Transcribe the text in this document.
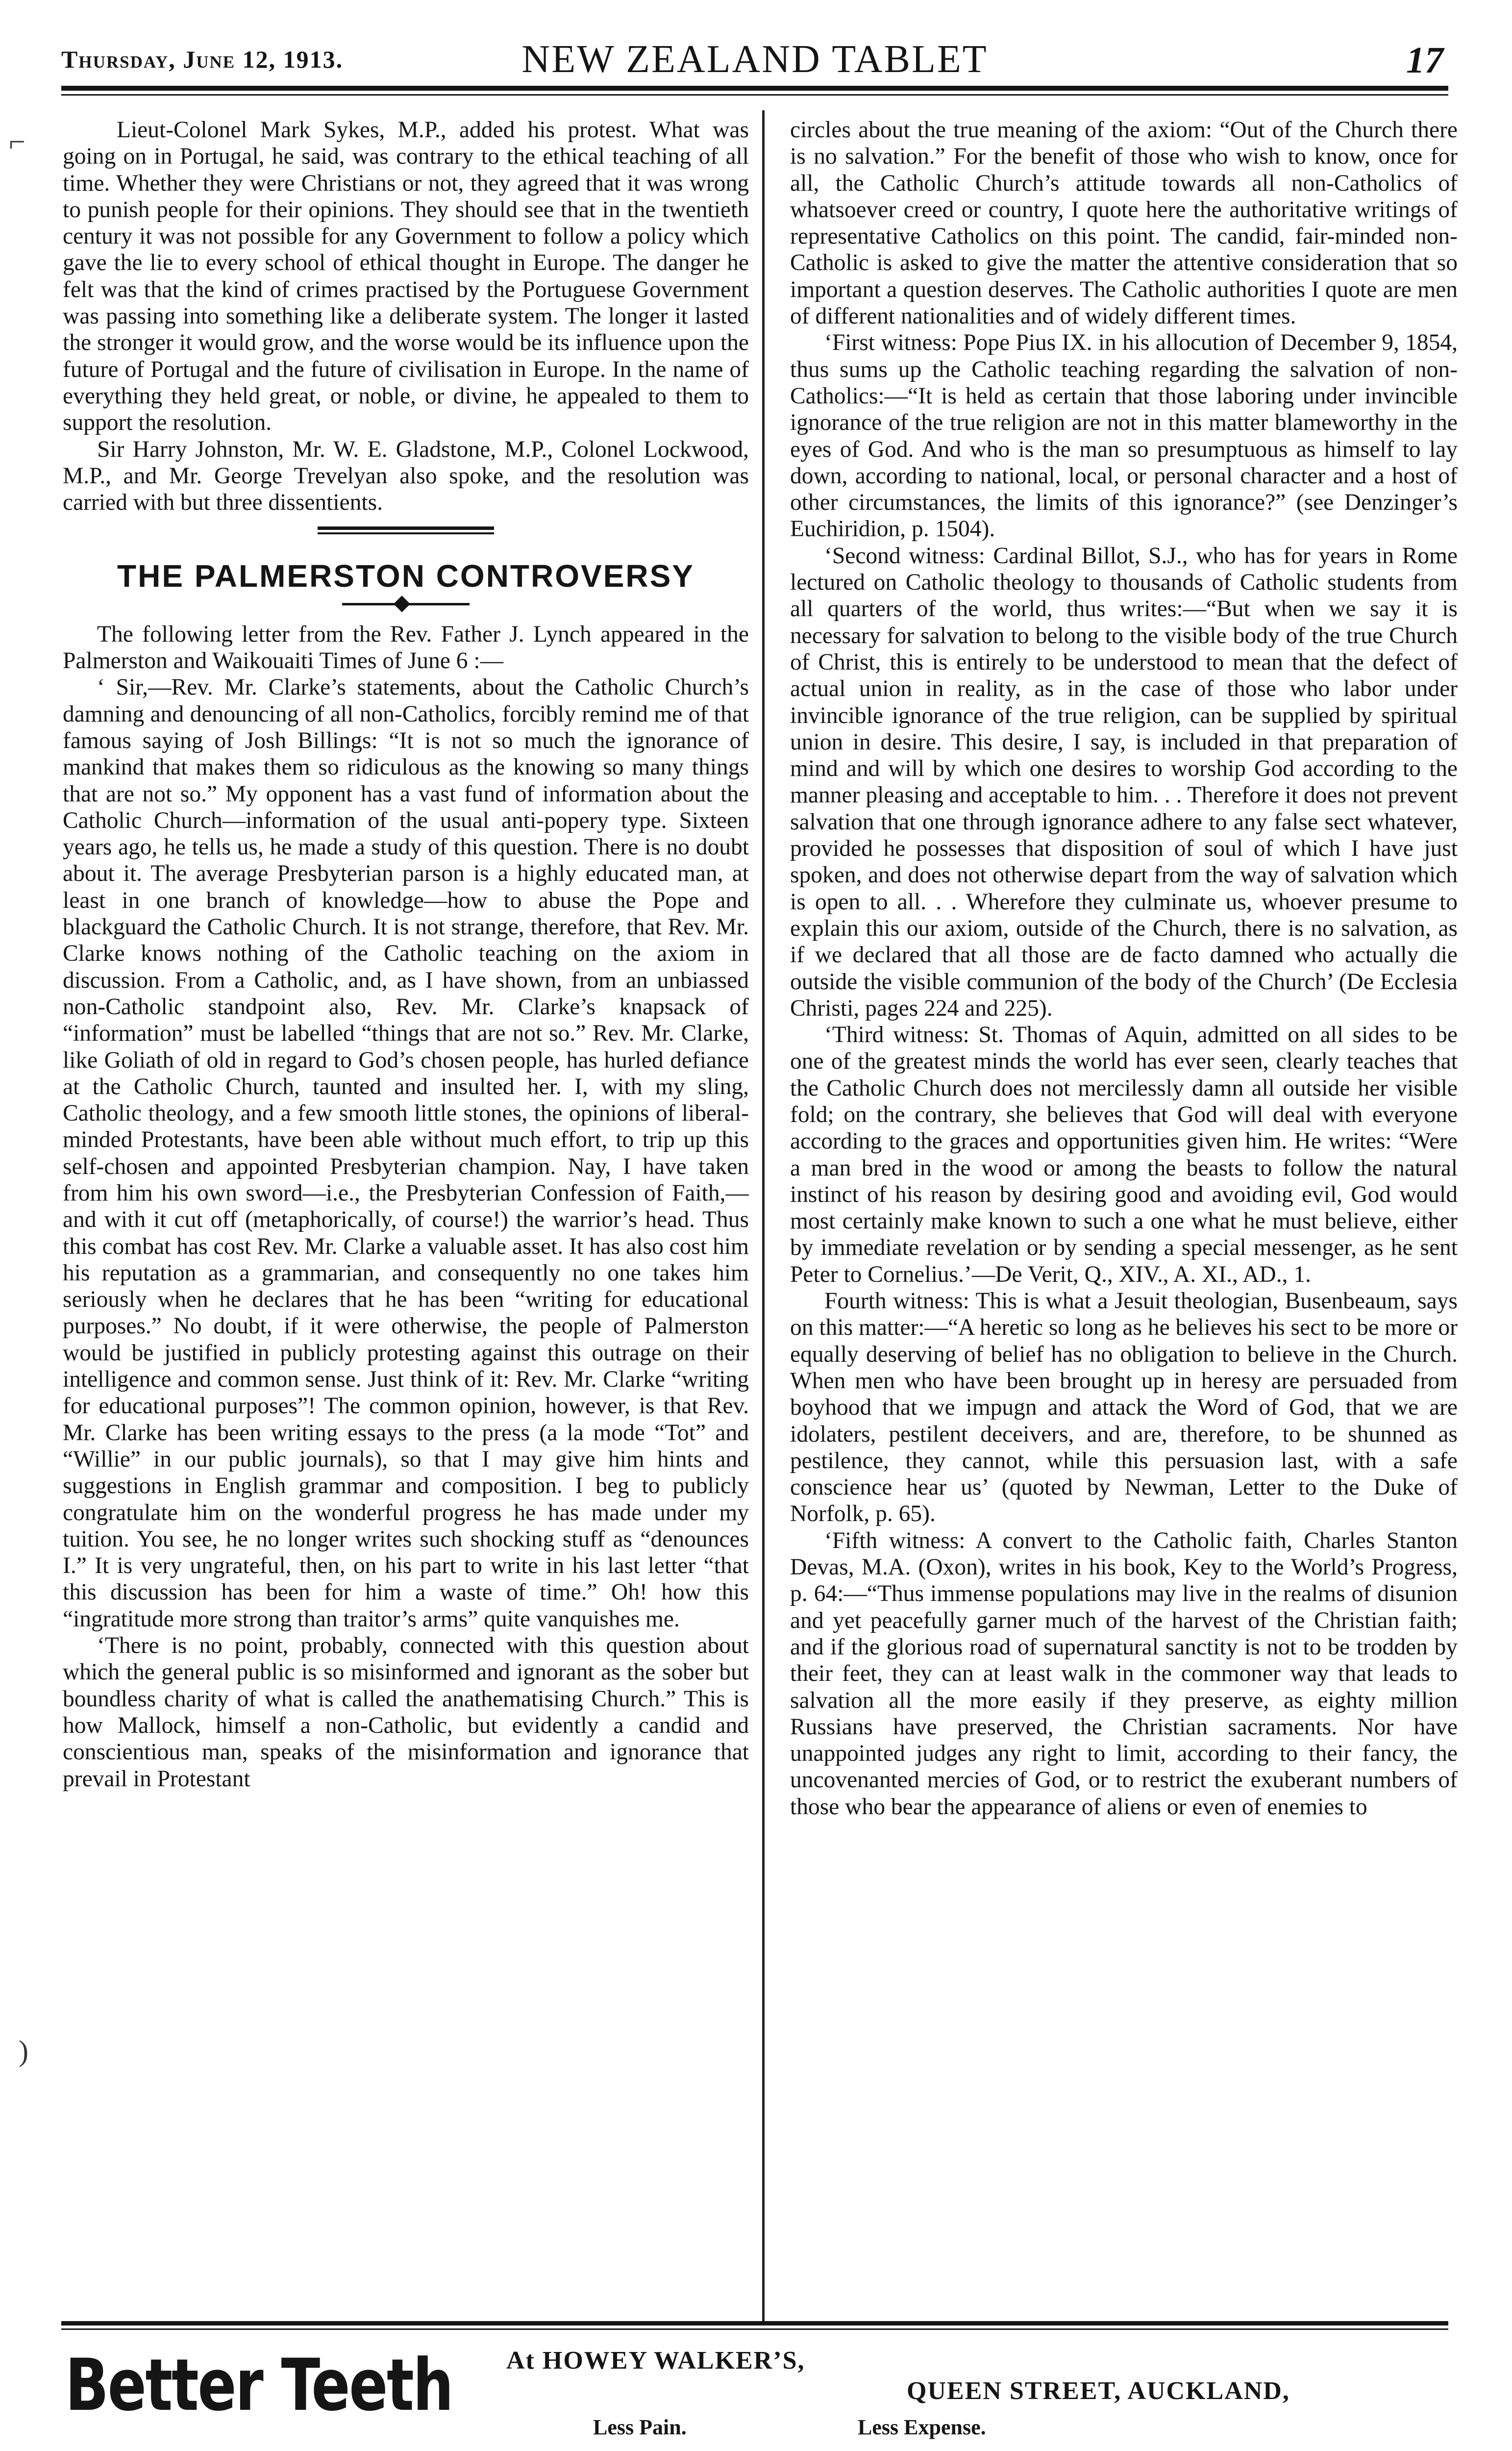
Thursday, June 12, 1913.	NEW ZEALAND TABLET	17

Lieut-Colonel Mark Sykes, M.P., added his protest. What was going on in Portugal, he said, was contrary to the ethical teaching of all time. Whether they were Christians or not, they agreed that it was wrong to punish people for their opinions. They should see that in the twentieth century it was not possible for any Government to follow a policy which gave the lie to every school of ethical thought in Europe. The danger he felt was that the kind of crimes practised by the Portuguese Government was passing into something like a deliberate system. The longer it lasted the stronger it would grow, and the worse would be its influence upon the future of Portugal and the future of civilisation in Europe. In the name of everything they held great, or noble, or divine, he appealed to them to support the resolution.

Sir Harry Johnston, Mr. W. E. Gladstone, M.P., Colonel Lockwood, M.P., and Mr. George Trevelyan also spoke, and the resolution was carried with but three dissentients.

THE PALMERSTON CONTROVERSY

The following letter from the Rev. Father J. Lynch appeared in the Palmerston and Waikouaiti Times of June 6 :—

‘ Sir,—Rev. Mr. Clarke’s statements, about the Catholic Church’s damning and denouncing of all non-Catholics, forcibly remind me of that famous saying of Josh Billings: “It is not so much the ignorance of mankind that makes them so ridiculous as the knowing so many things that are not so.” My opponent has a vast fund of information about the Catholic Church—information of the usual anti-popery type. Sixteen years ago, he tells us, he made a study of this question. There is no doubt about it. The average Presbyterian parson is a highly educated man, at least in one branch of knowledge—how to abuse the Pope and blackguard the Catholic Church. It is not strange, therefore, that Rev. Mr. Clarke knows nothing of the Catholic teaching on the axiom in discussion. From a Catholic, and, as I have shown, from an unbiassed non-Catholic standpoint also, Rev. Mr. Clarke’s knapsack of “information” must be labelled “things that are not so.” Rev. Mr. Clarke, like Goliath of old in regard to God’s chosen people, has hurled defiance at the Catholic Church, taunted and insulted her. I, with my sling, Catholic theology, and a few smooth little stones, the opinions of liberal-minded Protestants, have been able without much effort, to trip up this self-chosen and appointed Presbyterian champion. Nay, I have taken from him his own sword—i.e., the Presbyterian Confession of Faith,—and with it cut off (metaphorically, of course!) the warrior’s head. Thus this combat has cost Rev. Mr. Clarke a valuable asset. It has also cost him his reputation as a grammarian, and consequently no one takes him seriously when he declares that he has been “writing for educational purposes.” No doubt, if it were otherwise, the people of Palmerston would be justified in publicly protesting against this outrage on their intelligence and common sense. Just think of it: Rev. Mr. Clarke “writing for educational purposes”! The common opinion, however, is that Rev. Mr. Clarke has been writing essays to the press (a la mode “Tot” and “Willie” in our public journals), so that I may give him hints and suggestions in English grammar and composition. I beg to publicly congratulate him on the wonderful progress he has made under my tuition. You see, he no longer writes such shocking stuff as “denounces I.” It is very ungrateful, then, on his part to write in his last letter “that this discussion has been for him a waste of time.” Oh! how this “ingratitude more strong than traitor’s arms” quite vanquishes me.

‘There is no point, probably, connected with this question about which the general public is so misinformed and ignorant as the sober but boundless charity of what is called the anathematising Church.” This is how Mallock, himself a non-Catholic, but evidently a candid and conscientious man, speaks of the misinformation and ignorance that prevail in Protestant

circles about the true meaning of the axiom: “Out of the Church there is no salvation.” For the benefit of those who wish to know, once for all, the Catholic Church’s attitude towards all non-Catholics of whatsoever creed or country, I quote here the authoritative writings of representative Catholics on this point. The candid, fair-minded non-Catholic is asked to give the matter the attentive consideration that so important a question deserves. The Catholic authorities I quote are men of different nationalities and of widely different times.

‘First witness: Pope Pius IX. in his allocution of December 9, 1854, thus sums up the Catholic teaching regarding the salvation of non-Catholics:—“It is held as certain that those laboring under invincible ignorance of the true religion are not in this matter blameworthy in the eyes of God. And who is the man so presumptuous as himself to lay down, according to national, local, or personal character and a host of other circumstances, the limits of this ignorance?” (see Denzinger’s Euchiridion, p. 1504).

‘Second witness: Cardinal Billot, S.J., who has for years in Rome lectured on Catholic theology to thousands of Catholic students from all quarters of the world, thus writes:—“But when we say it is necessary for salvation to belong to the visible body of the true Church of Christ, this is entirely to be understood to mean that the defect of actual union in reality, as in the case of those who labor under invincible ignorance of the true religion, can be supplied by spiritual union in desire. This desire, I say, is included in that preparation of mind and will by which one desires to worship God according to the manner pleasing and acceptable to him. . . Therefore it does not prevent salvation that one through ignorance adhere to any false sect whatever, provided he possesses that disposition of soul of which I have just spoken, and does not otherwise depart from the way of salvation which is open to all. . . Wherefore they culminate us, whoever presume to explain this our axiom, outside of the Church, there is no salvation, as if we declared that all those are de facto damned who actually die outside the visible communion of the body of the Church’ (De Ecclesia Christi, pages 224 and 225).

‘Third witness: St. Thomas of Aquin, admitted on all sides to be one of the greatest minds the world has ever seen, clearly teaches that the Catholic Church does not mercilessly damn all outside her visible fold; on the contrary, she believes that God will deal with everyone according to the graces and opportunities given him. He writes: “Were a man bred in the wood or among the beasts to follow the natural instinct of his reason by desiring good and avoiding evil, God would most certainly make known to such a one what he must believe, either by immediate revelation or by sending a special messenger, as he sent Peter to Cornelius.’—De Verit, Q., XIV., A. XI., AD., 1.

Fourth witness: This is what a Jesuit theologian, Busenbeaum, says on this matter:—“A heretic so long as he believes his sect to be more or equally deserving of belief has no obligation to believe in the Church. When men who have been brought up in heresy are persuaded from boyhood that we impugn and attack the Word of God, that we are idolaters, pestilent deceivers, and are, therefore, to be shunned as pestilence, they cannot, while this persuasion last, with a safe conscience hear us’ (quoted by Newman, Letter to the Duke of Norfolk, p. 65).

‘Fifth witness: A convert to the Catholic faith, Charles Stanton Devas, M.A. (Oxon), writes in his book, Key to the World’s Progress, p. 64:—“Thus immense populations may live in the realms of disunion and yet peacefully garner much of the harvest of the Christian faith; and if the glorious road of supernatural sanctity is not to be trodden by their feet, they can at least walk in the commoner way that leads to salvation all the more easily if they preserve, as eighty million Russians have preserved, the Christian sacraments. Nor have unappointed judges any right to limit, according to their fancy, the uncovenanted mercies of God, or to restrict the exuberant numbers of those who bear the appearance of aliens or even of enemies to

⌐
)
Better Teeth At HOWEY WALKER’S,
QUEEN STREET, AUCKLAND,
Less Pain.	Less Expense.
